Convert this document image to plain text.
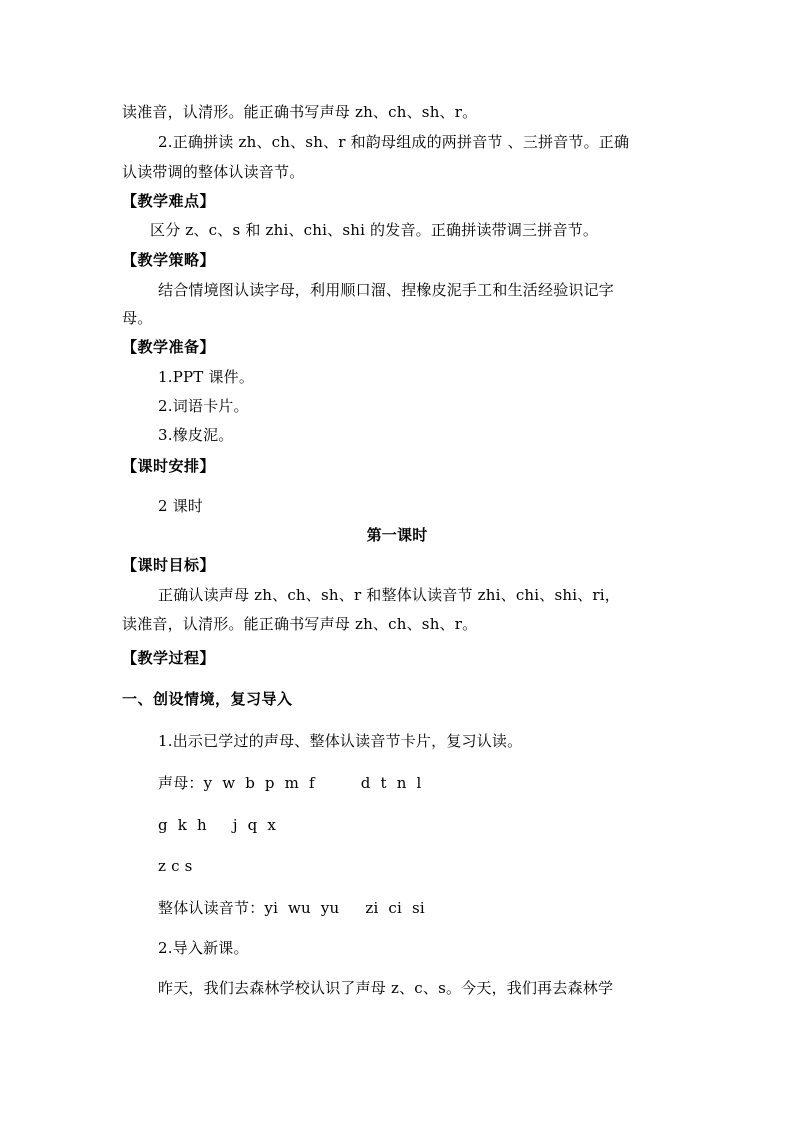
读准音，认清形。能正确书写声母 zh、ch、sh、r。
2.正确拼读 zh、ch、sh、r 和韵母组成的两拼音节 、三拼音节。正确
认读带调的整体认读音节。
【教学难点】
区分 z、c、s 和 zhi、chi、shi 的发音。正确拼读带调三拼音节。
【教学策略】
结合情境图认读字母，利用顺口溜、捏橡皮泥手工和生活经验识记字
母。
【教学准备】
1.PPT 课件。
2.词语卡片。
3.橡皮泥。
【课时安排】
2 课时
第一课时
【课时目标】
正确认读声母 zh、ch、sh、r 和整体认读音节 zhi、chi、shi、ri，
读准音，认清形。能正确书写声母 zh、ch、sh、r。
【教学过程】
一、创设情境，复习导入
1.出示已学过的声母、整体认读音节卡片，复习认读。
声母：y  w  b  p  m  f	d  t  n  l
g  k  h j  q  x
z c s
整体认读音节：yi  wu  yu zi  ci  si
2.导入新课。
昨天，我们去森林学校认识了声母 z、c、s。今天，我们再去森林学
